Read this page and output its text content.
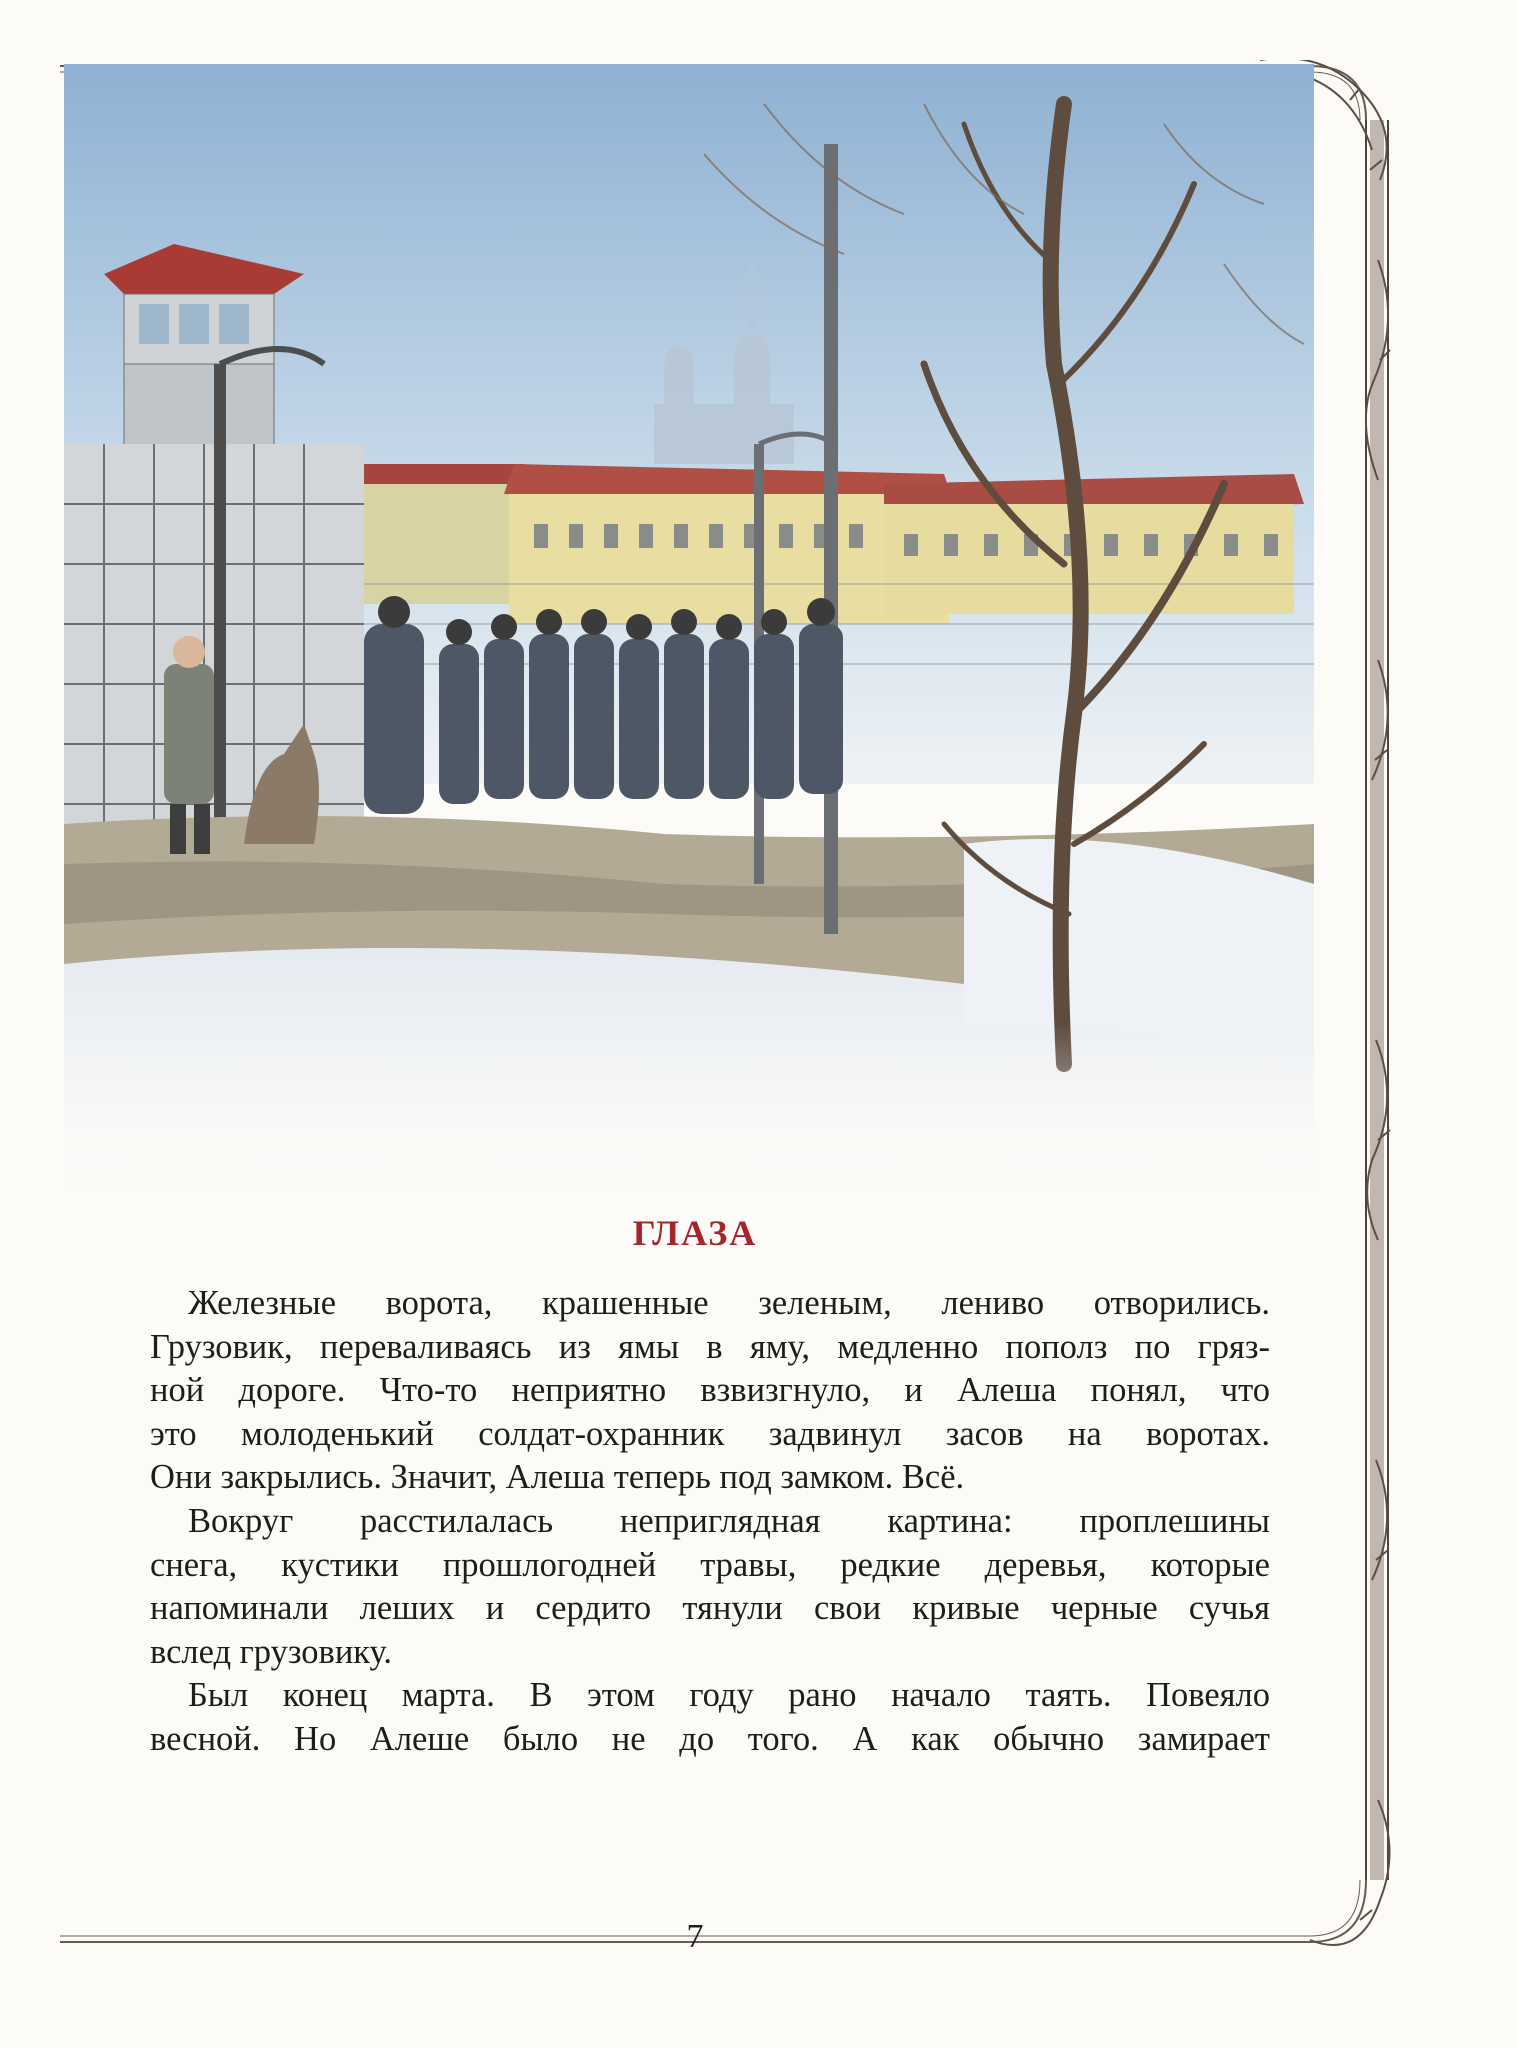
ГЛАЗА
Железные ворота, крашенные зеленым, лениво отворились.
Грузовик, переваливаясь из ямы в яму, медленно пополз по гряз-
ной дороге. Что-то неприятно взвизгнуло, и Алеша понял, что
это молоденький солдат-охранник задвинул засов на воротах.
Они закрылись. Значит, Алеша теперь под замком. Всё.
Вокруг расстилалась неприглядная картина: проплешины
снега, кустики прошлогодней травы, редкие деревья, которые
напоминали леших и сердито тянули свои кривые черные сучья
вслед грузовику.
Был конец марта. В этом году рано начало таять. Повеяло
весной. Но Алеше было не до того. А как обычно замирает
7
